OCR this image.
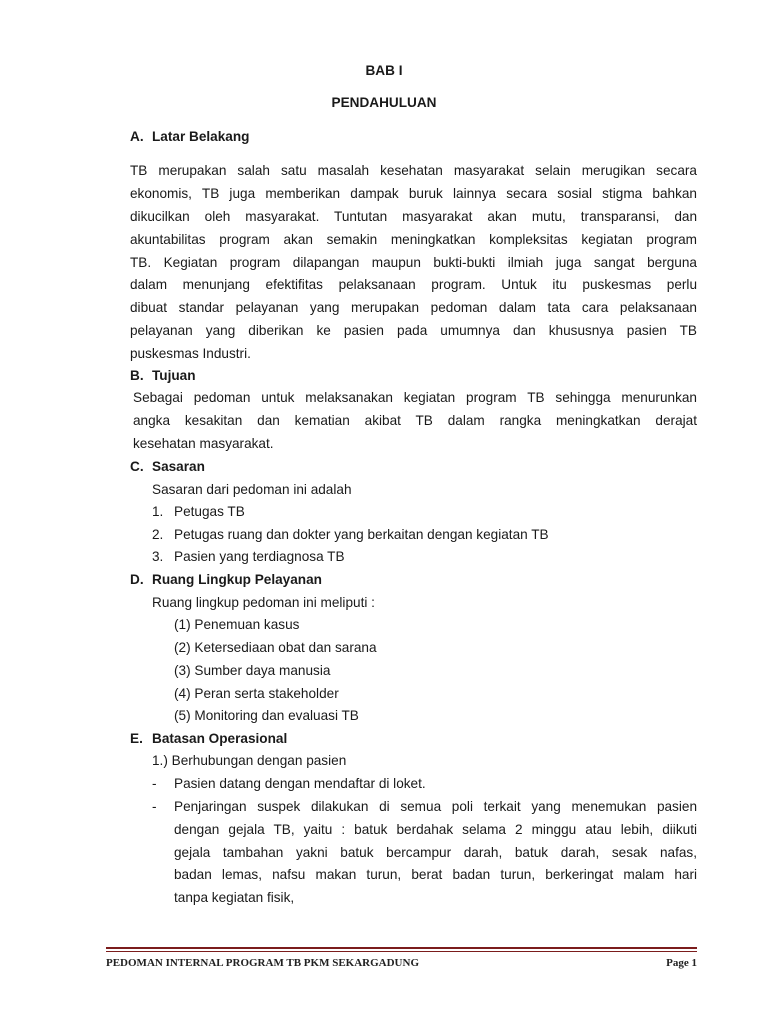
BAB I
PENDAHULUAN
A. Latar Belakang
TB merupakan salah satu masalah kesehatan masyarakat selain merugikan secara
ekonomis, TB juga memberikan dampak buruk lainnya secara sosial stigma bahkan
dikucilkan oleh masyarakat. Tuntutan masyarakat akan mutu, transparansi, dan
akuntabilitas program akan semakin meningkatkan kompleksitas kegiatan program
TB. Kegiatan program dilapangan maupun bukti-bukti ilmiah juga sangat berguna
dalam menunjang efektifitas pelaksanaan program. Untuk itu puskesmas perlu
dibuat standar pelayanan yang merupakan pedoman dalam tata cara pelaksanaan
pelayanan yang diberikan ke pasien pada umumnya dan khususnya pasien TB
puskesmas Industri.
B. Tujuan
Sebagai pedoman untuk melaksanakan kegiatan program TB sehingga menurunkan
angka kesakitan dan kematian akibat TB dalam rangka meningkatkan derajat
kesehatan masyarakat.
C. Sasaran
Sasaran dari pedoman ini adalah
1. Petugas TB
2. Petugas ruang dan dokter yang berkaitan dengan kegiatan TB
3. Pasien yang terdiagnosa TB
D. Ruang Lingkup Pelayanan
Ruang lingkup pedoman ini meliputi :
(1) Penemuan kasus
(2) Ketersediaan obat dan sarana
(3) Sumber daya manusia
(4) Peran serta stakeholder
(5) Monitoring dan evaluasi TB
E. Batasan Operasional
1.) Berhubungan dengan pasien
- Pasien datang dengan mendaftar di loket.
-	Penjaringan suspek dilakukan di semua poli terkait yang menemukan pasien
dengan gejala TB, yaitu : batuk berdahak selama 2 minggu atau lebih, diikuti
gejala tambahan yakni batuk bercampur darah, batuk darah, sesak nafas,
badan lemas, nafsu makan turun, berat badan turun, berkeringat malam hari
tanpa kegiatan fisik,
PEDOMAN INTERNAL PROGRAM TB PKM SEKARGADUNG	Page 1
